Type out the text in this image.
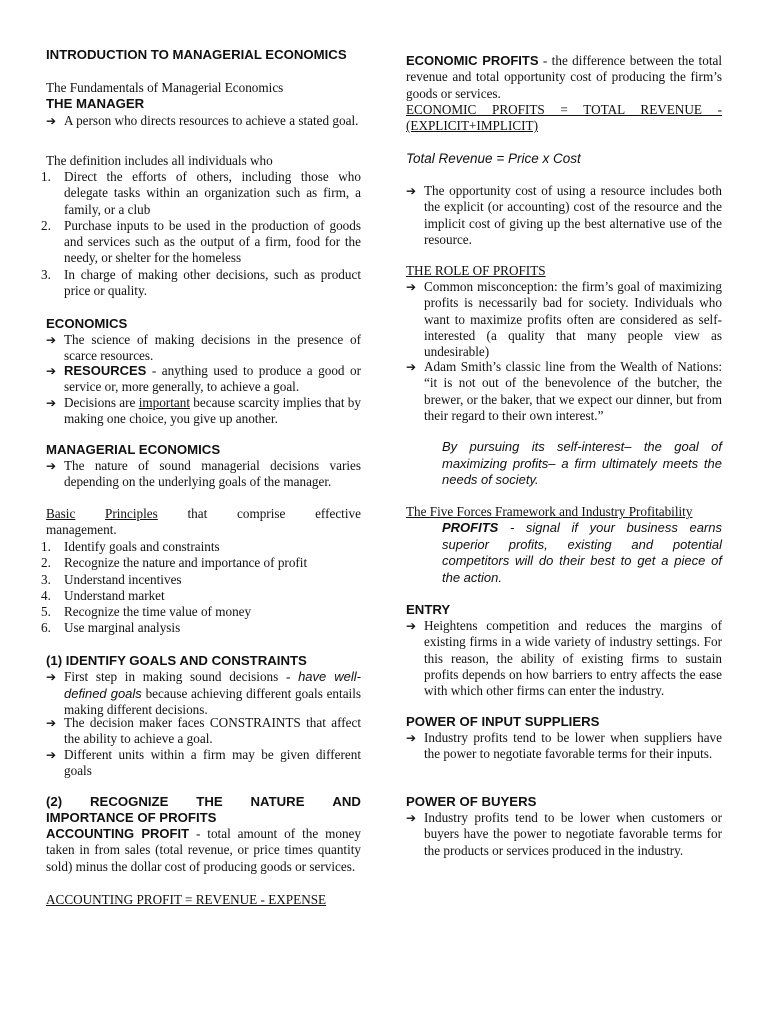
INTRODUCTION TO MANAGERIAL ECONOMICS
The Fundamentals of Managerial Economics
THE MANAGER
➔ A person who directs resources to achieve a stated goal.
The definition includes all individuals who
1. Direct the efforts of others, including those who delegate tasks within an organization such as firm, a family, or a club
2. Purchase inputs to be used in the production of goods and services such as the output of a firm, food for the needy, or shelter for the homeless
3. In charge of making other decisions, such as product price or quality.
ECONOMICS
➔ The science of making decisions in the presence of scarce resources.
➔ RESOURCES - anything used to produce a good or service or, more generally, to achieve a goal.
➔ Decisions are important because scarcity implies that by making one choice, you give up another.
MANAGERIAL ECONOMICS
➔ The nature of sound managerial decisions varies depending on the underlying goals of the manager.
Basic Principles that comprise effective
management.
1. Identify goals and constraints
2. Recognize the nature and importance of profit
3. Understand incentives
4. Understand market
5. Recognize the time value of money
6. Use marginal analysis
(1) IDENTIFY GOALS AND CONSTRAINTS
➔ First step in making sound decisions - have well-defined goals because achieving different goals entails making different decisions.
➔ The decision maker faces CONSTRAINTS that affect the ability to achieve a goal.
➔ Different units within a firm may be given different goals
(2) RECOGNIZE THE NATURE AND
IMPORTANCE OF PROFITS
ACCOUNTING PROFIT - total amount of the money taken in from sales (total revenue, or price times quantity sold) minus the dollar cost of producing goods or services.
ACCOUNTING PROFIT = REVENUE - EXPENSE
ECONOMIC PROFITS - the difference between the total revenue and total opportunity cost of producing the firm’s goods or services.
ECONOMIC PROFITS = TOTAL REVENUE - (EXPLICIT+IMPLICIT)
Total Revenue = Price x Cost
➔ The opportunity cost of using a resource includes both the explicit (or accounting) cost of the resource and the implicit cost of giving up the best alternative use of the resource.
THE ROLE OF PROFITS
➔ Common misconception: the firm’s goal of maximizing profits is necessarily bad for society. Individuals who want to maximize profits often are considered as self-interested (a quality that many people view as undesirable)
➔ Adam Smith’s classic line from the Wealth of Nations: “it is not out of the benevolence of the butcher, the brewer, or the baker, that we expect our dinner, but from their regard to their own interest.”
By pursuing its self-interest– the goal of maximizing profits– a firm ultimately meets the needs of society.
The Five Forces Framework and Industry Profitability
PROFITS - signal if your business earns superior profits, existing and potential competitors will do their best to get a piece of the action.
ENTRY
➔ Heightens competition and reduces the margins of existing firms in a wide variety of industry settings. For this reason, the ability of existing firms to sustain profits depends on how barriers to entry affects the ease with which other firms can enter the industry.
POWER OF INPUT SUPPLIERS
➔ Industry profits tend to be lower when suppliers have the power to negotiate favorable terms for their inputs.
POWER OF BUYERS
➔ Industry profits tend to be lower when customers or buyers have the power to negotiate favorable terms for the products or services produced in the industry.
